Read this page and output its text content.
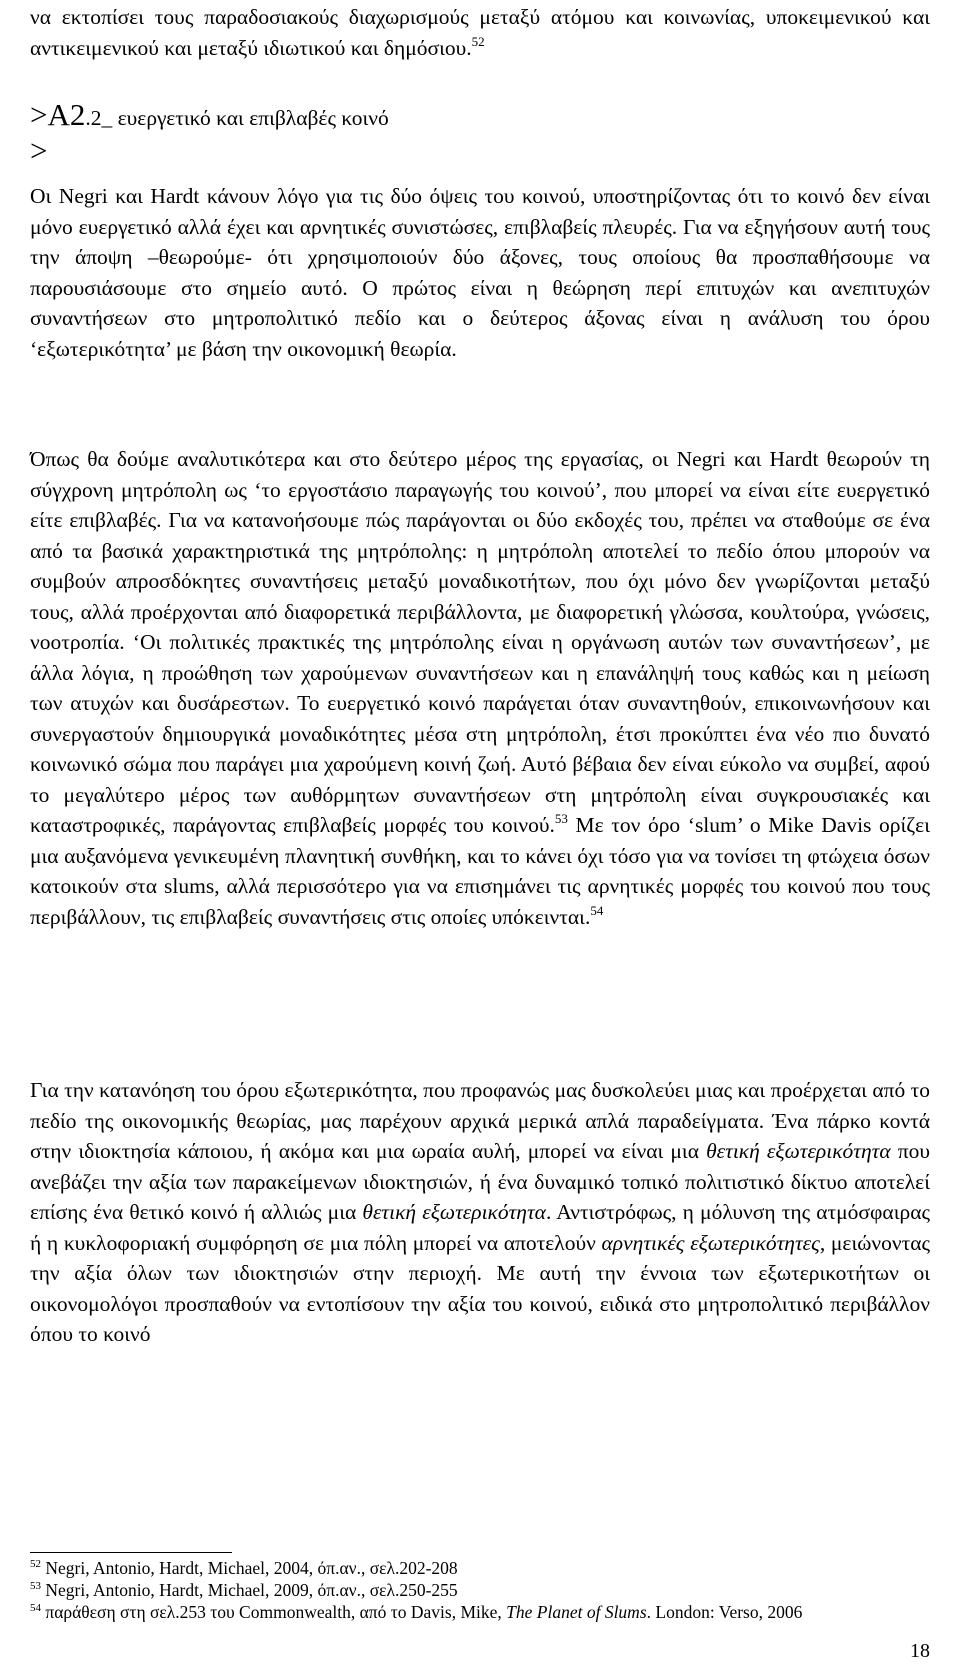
να εκτοπίσει τους παραδοσιακούς διαχωρισμούς μεταξύ ατόμου και κοινωνίας, υποκειμενικού και αντικειμενικού και μεταξύ ιδιωτικού και δημόσιου.$^{52}$
>Α2.2_ ευεργετικό και επιβλαβές κοινό
>
Οι Negri και Hardt κάνουν λόγο για τις δύο όψεις του κοινού, υποστηρίζοντας ότι το κοινό δεν είναι μόνο ευεργετικό αλλά έχει και αρνητικές συνιστώσες, επιβλαβείς πλευρές. Για να εξηγήσουν αυτή τους την άποψη –θεωρούμε- ότι χρησιμοποιούν δύο άξονες, τους οποίους θα προσπαθήσουμε να παρουσιάσουμε στο σημείο αυτό. Ο πρώτος είναι η θεώρηση περί επιτυχών και ανεπιτυχών συναντήσεων στο μητροπολιτικό πεδίο και ο δεύτερος άξονας είναι η ανάλυση του όρου ‘εξωτερικότητα’ με βάση την οικονομική θεωρία.
Όπως θα δούμε αναλυτικότερα και στο δεύτερο μέρος της εργασίας, οι Negri και Hardt θεωρούν τη σύγχρονη μητρόπολη ως ‘το εργοστάσιο παραγωγής του κοινού’, που μπορεί να είναι είτε ευεργετικό είτε επιβλαβές. Για να κατανοήσουμε πώς παράγονται οι δύο εκδοχές του, πρέπει να σταθούμε σε ένα από τα βασικά χαρακτηριστικά της μητρόπολης: η μητρόπολη αποτελεί το πεδίο όπου μπορούν να συμβούν απροσδόκητες συναντήσεις μεταξύ μοναδικοτήτων, που όχι μόνο δεν γνωρίζονται μεταξύ τους, αλλά προέρχονται από διαφορετικά περιβάλλοντα, με διαφορετική γλώσσα, κουλτούρα, γνώσεις, νοοτροπία. ‘Οι πολιτικές πρακτικές της μητρόπολης είναι η οργάνωση αυτών των συναντήσεων’, με άλλα λόγια, η προώθηση των χαρούμενων συναντήσεων και η επανάληψή τους καθώς και η μείωση των ατυχών και δυσάρεστων. Το ευεργετικό κοινό παράγεται όταν συναντηθούν, επικοινωνήσουν και συνεργαστούν δημιουργικά μοναδικότητες μέσα στη μητρόπολη, έτσι προκύπτει ένα νέο πιο δυνατό κοινωνικό σώμα που παράγει μια χαρούμενη κοινή ζωή. Αυτό βέβαια δεν είναι εύκολο να συμβεί, αφού το μεγαλύτερο μέρος των αυθόρμητων συναντήσεων στη μητρόπολη είναι συγκρουσιακές και καταστροφικές, παράγοντας επιβλαβείς μορφές του κοινού.$^{53}$ Με τον όρο ‘slum’ ο Mike Davis ορίζει μια αυξανόμενα γενικευμένη πλανητική συνθήκη, και το κάνει όχι τόσο για να τονίσει τη φτώχεια όσων κατοικούν στα slums, αλλά περισσότερο για να επισημάνει τις αρνητικές μορφές του κοινού που τους περιβάλλουν, τις επιβλαβείς συναντήσεις στις οποίες υπόκεινται.$^{54}$
Για την κατανόηση του όρου εξωτερικότητα, που προφανώς μας δυσκολεύει μιας και προέρχεται από το πεδίο της οικονομικής θεωρίας, μας παρέχουν αρχικά μερικά απλά παραδείγματα. Ένα πάρκο κοντά στην ιδιοκτησία κάποιου, ή ακόμα και μια ωραία αυλή, μπορεί να είναι μια θετική εξωτερικότητα που ανεβάζει την αξία των παρακείμενων ιδιοκτησιών, ή ένα δυναμικό τοπικό πολιτιστικό δίκτυο αποτελεί επίσης ένα θετικό κοινό ή αλλιώς μια θετική εξωτερικότητα. Αντιστρόφως, η μόλυνση της ατμόσφαιρας ή η κυκλοφοριακή συμφόρηση σε μια πόλη μπορεί να αποτελούν αρνητικές εξωτερικότητες, μειώνοντας την αξία όλων των ιδιοκτησιών στην περιοχή. Με αυτή την έννοια των εξωτερικοτήτων οι οικονομολόγοι προσπαθούν να εντοπίσουν την αξία του κοινού, ειδικά στο μητροπολιτικό περιβάλλον όπου το κοινό
$^{52}$ Negri, Antonio, Hardt, Michael, 2004, όπ.αν., σελ.202-208
$^{53}$ Negri, Antonio, Hardt, Michael, 2009, όπ.αν., σελ.250-255
$^{54}$ παράθεση στη σελ.253 του Commonwealth, από το Davis, Mike, The Planet of Slums. London: Verso, 2006
18
